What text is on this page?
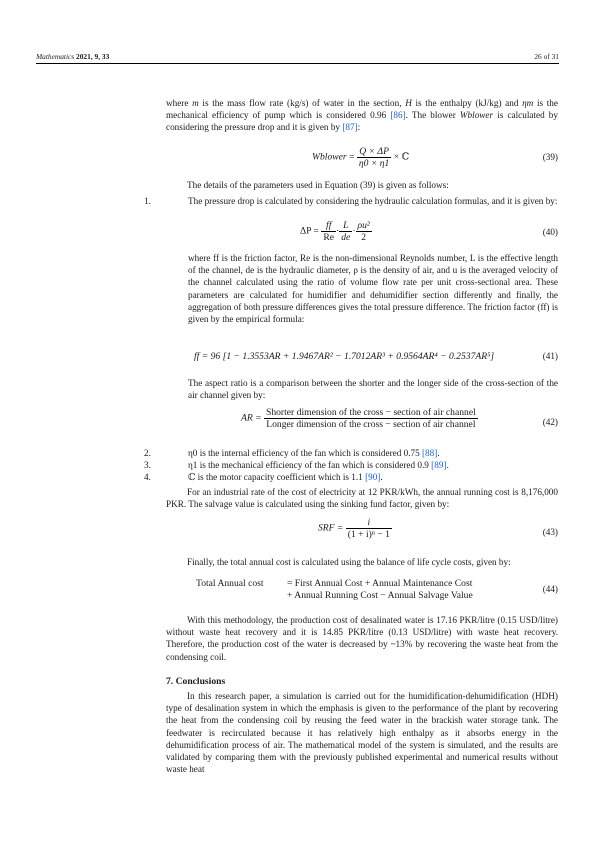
Mathematics 2021, 9, 33	26 of 31
where m is the mass flow rate (kg/s) of water in the section, H is the enthalpy (kJ/kg) and ηm is the mechanical efficiency of pump which is considered 0.96 [86]. The blower Wblower is calculated by considering the pressure drop and it is given by [87]:
Wblower = $\frac{Q \times \Delta P}{\eta 0 \times \eta 1}$ × ℂ	(39)
The details of the parameters used in Equation (39) is given as follows:
1.	The pressure drop is calculated by considering the hydraulic calculation formulas, and it is given by:
$\Delta P = \frac{ff}{Re} \cdot \frac{L}{de} \cdot \frac{\text{ρu²}}{2}$	(40)
where ff is the friction factor, Re is the non-dimensional Reynolds number, L is the effective length of the channel, de is the hydraulic diameter, ρ is the density of air, and u is the averaged velocity of the channel calculated using the ratio of volume flow rate per unit cross-sectional area. These parameters are calculated for humidifier and dehumidifier section differently and finally, the aggregation of both pressure differences gives the total pressure difference. The friction factor (ff) is given by the empirical formula:
ff = 96 [1 − 1.3553AR + 1.9467AR² − 1.7012AR³ + 0.9564AR⁴ − 0.2537AR⁵]	(41)
The aspect ratio is a comparison between the shorter and the longer side of the cross-section of the air channel given by:
AR = $\frac{\text{Shorter dimension of the cross − section of air channel}}{\text{Longer dimension of the cross − section of air channel}}$	(42)
2.	η0 is the internal efficiency of the fan which is considered 0.75 [88].
3.	η1 is the mechanical efficiency of the fan which is considered 0.9 [89].
4.	ℂ is the motor capacity coefficient which is 1.1 [90].
For an industrial rate of the cost of electricity at 12 PKR/kWh, the annual running cost is 8,176,000 PKR. The salvage value is calculated using the sinking fund factor, given by:
SRF = $\frac{i}{\text{(1 + i)ⁿ − 1}}$	(43)
Finally, the total annual cost is calculated using the balance of life cycle costs, given by:
Total Annual cost = First Annual Cost + Annual Maintenance Cost
+ Annual Running Cost − Annual Salvage Value
(44)
With this methodology, the production cost of desalinated water is 17.16 PKR/litre (0.15 USD/litre) without waste heat recovery and it is 14.85 PKR/litre (0.13 USD/litre) with waste heat recovery. Therefore, the production cost of the water is decreased by ~13% by recovering the waste heat from the condensing coil.
7. Conclusions
In this research paper, a simulation is carried out for the humidification-dehumidification (HDH) type of desalination system in which the emphasis is given to the performance of the plant by recovering the heat from the condensing coil by reusing the feed water in the brackish water storage tank. The feedwater is recirculated because it has relatively high enthalpy as it absorbs energy in the dehumidification process of air. The mathematical model of the system is simulated, and the results are validated by comparing them with the previously published experimental and numerical results without waste heat
